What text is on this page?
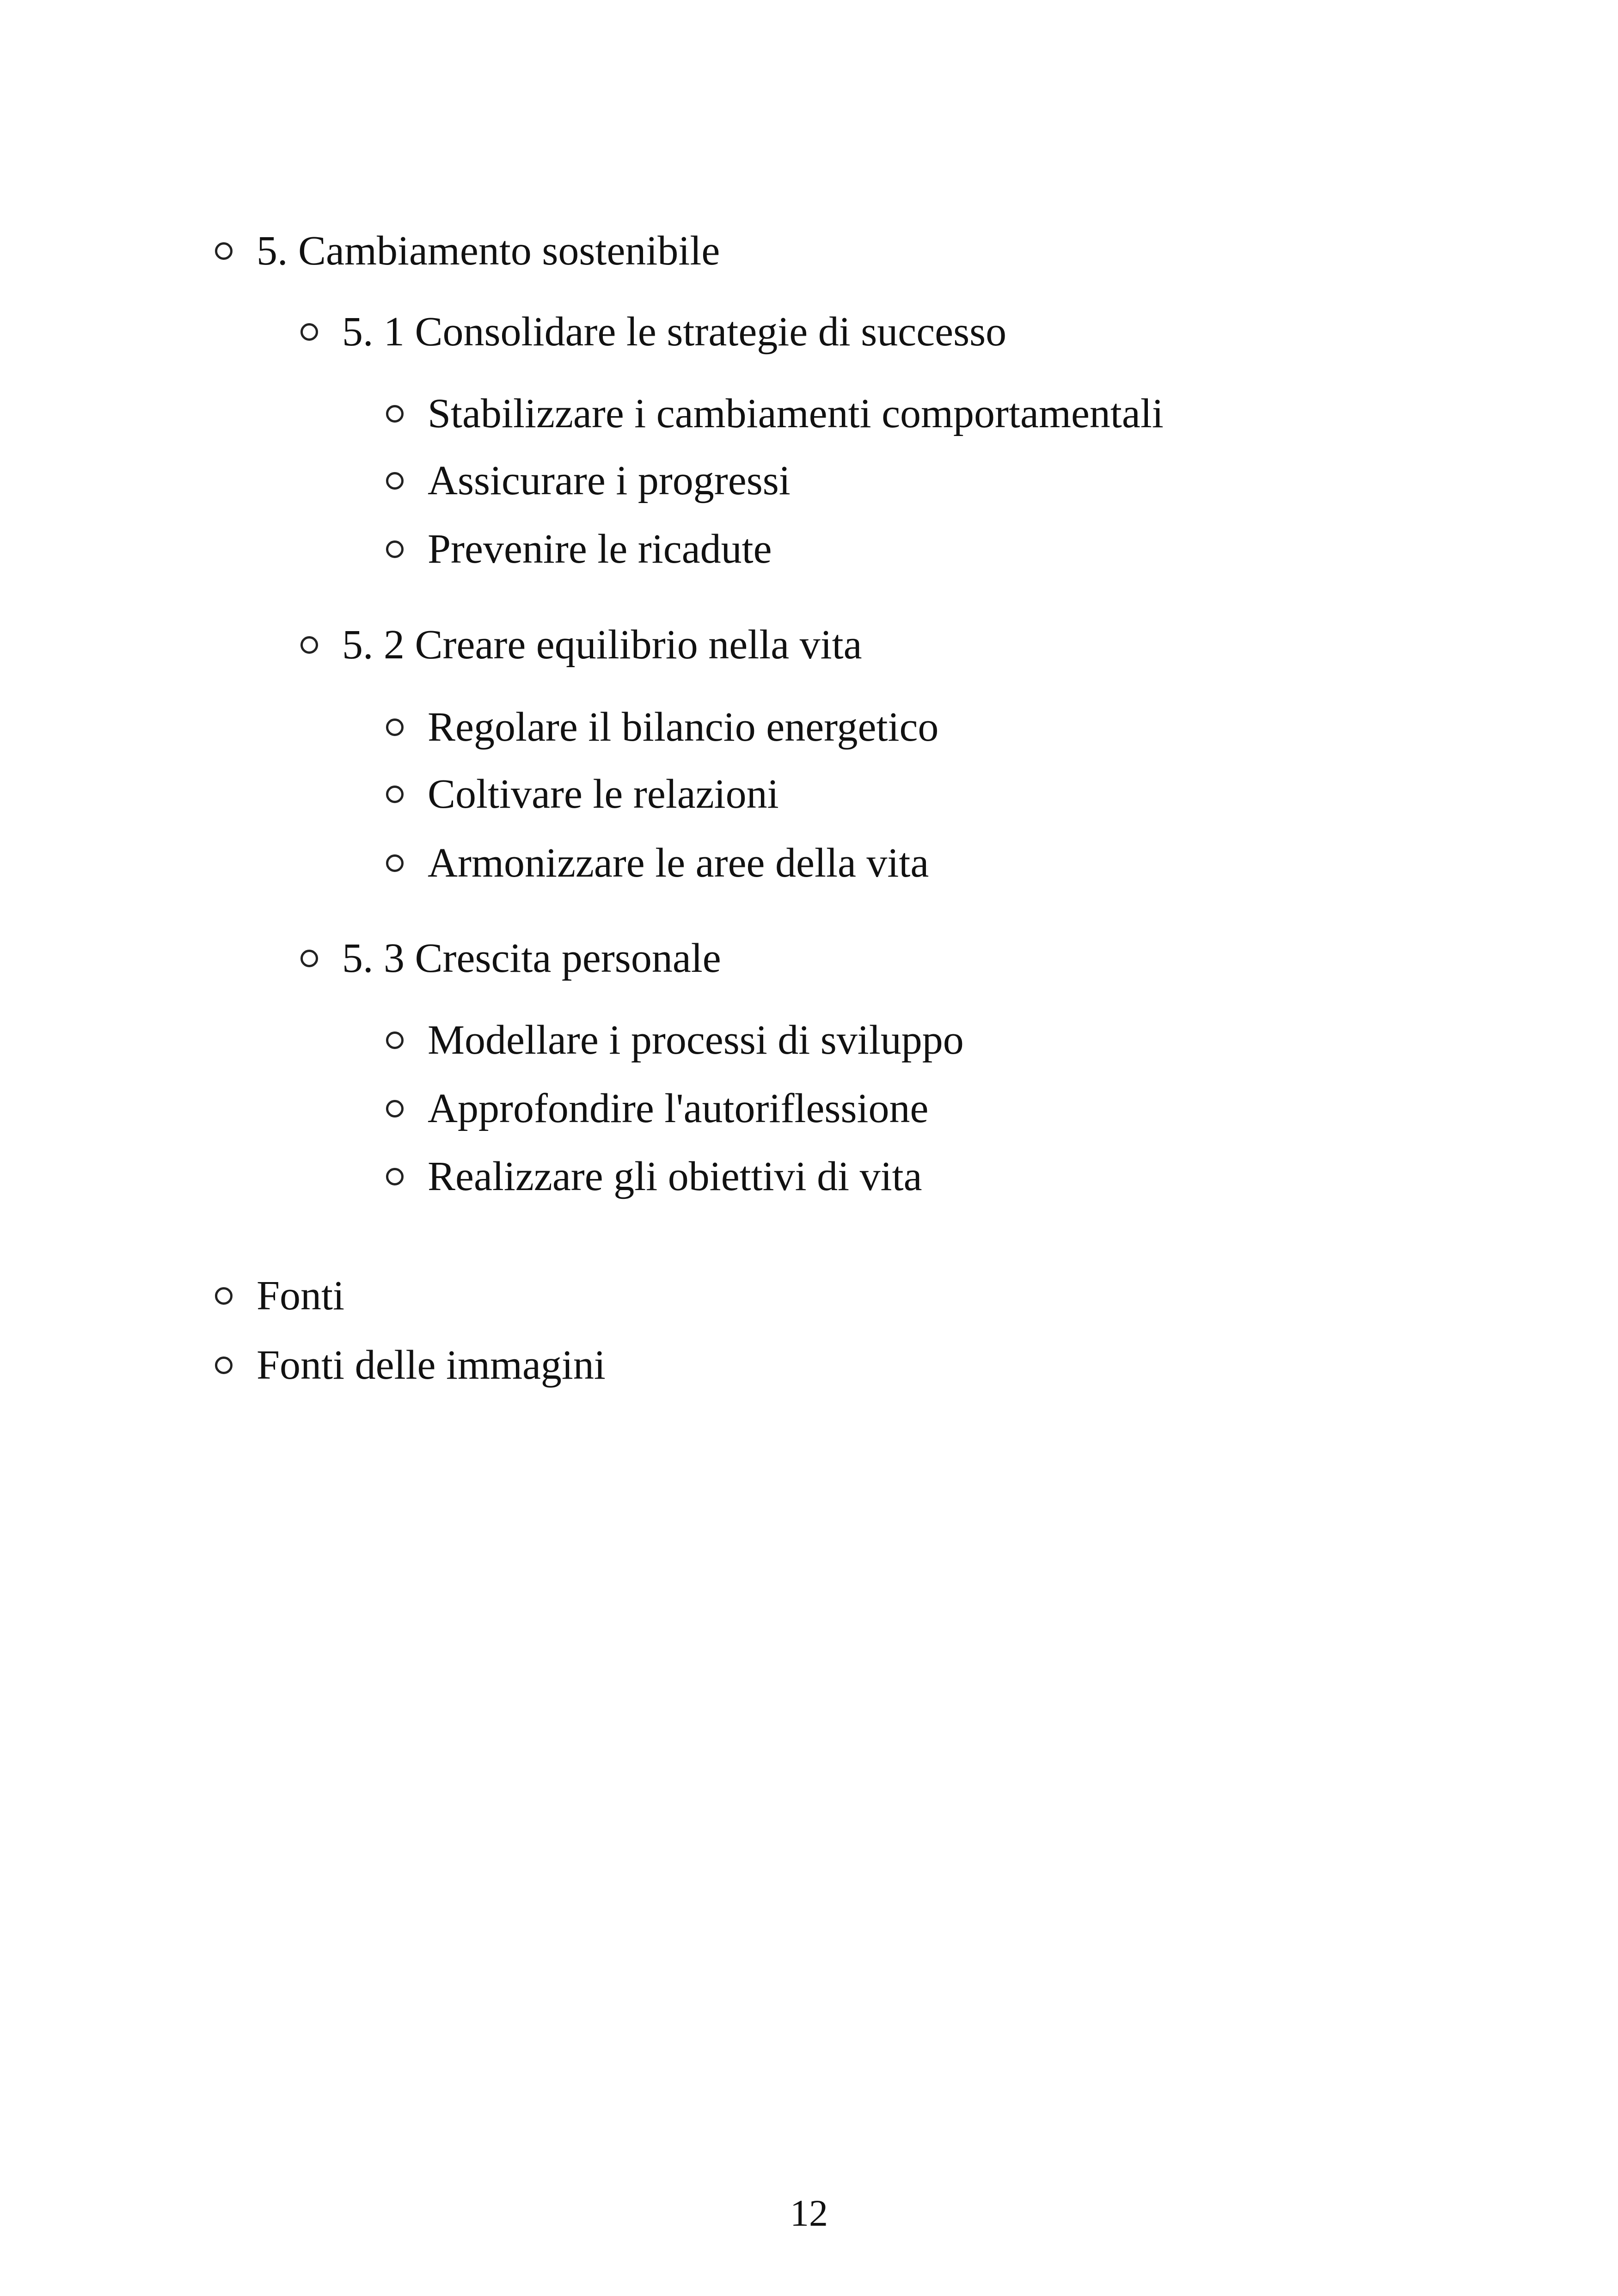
5. Cambiamento sostenibile
5. 1 Consolidare le strategie di successo
Stabilizzare i cambiamenti comportamentali
Assicurare i progressi
Prevenire le ricadute
5. 2 Creare equilibrio nella vita
Regolare il bilancio energetico
Coltivare le relazioni
Armonizzare le aree della vita
5. 3 Crescita personale
Modellare i processi di sviluppo
Approfondire l'autoriflessione
Realizzare gli obiettivi di vita
Fonti
Fonti delle immagini
12
